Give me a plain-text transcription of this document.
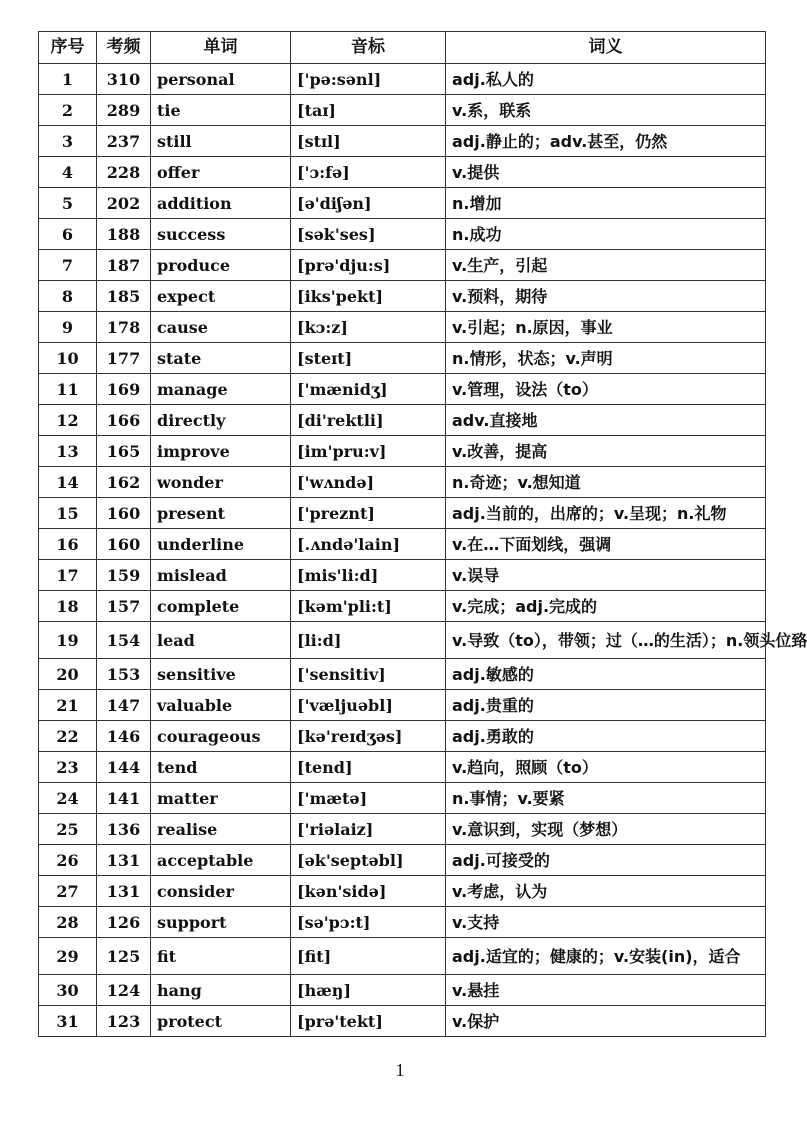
序号	考频	单词	音标	词义
1	310	personal	['pə:sənl]	adj.私人的
2	289	tie	[taɪ]	v.系，联系
3	237	still	[stɪl]	adj.静止的；adv.甚至，仍然
4	228	offer	['ɔ:fə]	v.提供
5	202	addition	[ə'diʃən]	n.增加
6	188	success	[sək'ses]	n.成功
7	187	produce	[prə'dju:s]	v.生产，引起
8	185	expect	[iks'pekt]	v.预料，期待
9	178	cause	[kɔ:z]	v.引起；n.原因，事业
10	177	state	[steɪt]	n.情形，状态；v.声明
11	169	manage	['mænidʒ]	v.管理，设法（to）
12	166	directly	[di'rektli]	adv.直接地
13	165	improve	[im'pru:v]	v.改善，提高
14	162	wonder	['wʌndə]	n.奇迹；v.想知道
15	160	present	['preznt]	adj.当前的，出席的；v.呈现；n.礼物
16	160	underline	[.ʌndə'lain]	v.在…下面划线，强调
17	159	mislead	[mis'li:d]	v.误导
18	157	complete	[kəm'pli:t]	v.完成；adj.完成的
19	154	lead	[li:d]	v.导致（to），带领；过（…的生活）；n.领头位臵
20	153	sensitive	['sensitiv]	adj.敏感的
21	147	valuable	['væljuəbl]	adj.贵重的
22	146	courageous	[kə'reɪdʒəs]	adj.勇敢的
23	144	tend	[tend]	v.趋向，照顾（to）
24	141	matter	['mætə]	n.事情；v.要紧
25	136	realise	['riəlaiz]	v.意识到，实现（梦想）
26	131	acceptable	[ək'septəbl]	adj.可接受的
27	131	consider	[kən'sidə]	v.考虑，认为
28	126	support	[sə'pɔ:t]	v.支持
29	125	fit	[fit]	adj.适宜的；健康的；v.安装(in)，适合
30	124	hang	[hæŋ]	v.悬挂
31	123	protect	[prə'tekt]	v.保护
1
